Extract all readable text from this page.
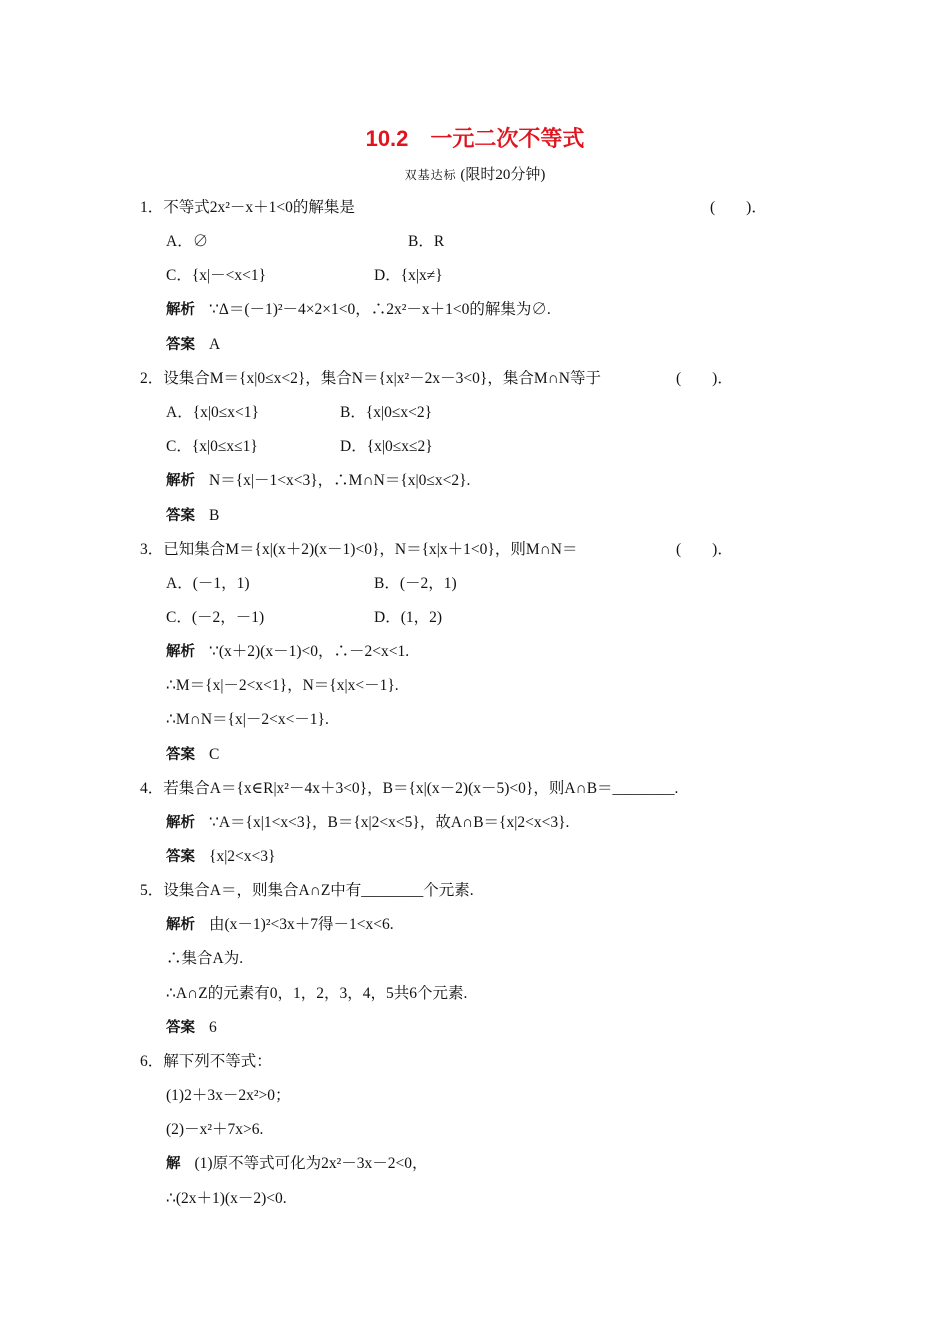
10.2　一元二次不等式
双基达标 (限时20分钟)
1．不等式2x²－x＋1<0的解集是	(　　)．
A．∅	B．R
C．{x|－<x<1}	D．{x|x≠}
解析 ∵Δ＝(－1)²－4×2×1<0，∴2x²－x＋1<0的解集为∅.
答案 A
2．设集合M＝{x|0≤x<2}，集合N＝{x|x²－2x－3<0}，集合M∩N等于	(　　)．
A．{x|0≤x<1}	B．{x|0≤x<2}
C．{x|0≤x≤1}	D．{x|0≤x≤2}
解析 N＝{x|－1<x<3}，∴M∩N＝{x|0≤x<2}.
答案 B
3．已知集合M＝{x|(x＋2)(x－1)<0}，N＝{x|x＋1<0}，则M∩N＝	(　　)．
A．(－1，1)	B．(－2，1)
C．(－2，－1)	D．(1，2)
解析 ∵(x＋2)(x－1)<0，∴－2<x<1.
∴M＝{x|－2<x<1}，N＝{x|x<－1}.
∴M∩N＝{x|－2<x<－1}.
答案 C
4．若集合A＝{x∈R|x²－4x＋3<0}，B＝{x|(x－2)(x－5)<0}，则A∩B＝________.
解析 ∵A＝{x|1<x<3}，B＝{x|2<x<5}，故A∩B＝{x|2<x<3}.
答案 {x|2<x<3}
5．设集合A＝，则集合A∩Z中有________个元素.
解析 由(x－1)²<3x＋7得－1<x<6.
∴集合A为.
∴A∩Z的元素有0，1，2，3，4，5共6个元素.
答案 6
6．解下列不等式：
(1)2＋3x－2x²>0；
(2)－x²＋7x>6.
解 (1)原不等式可化为2x²－3x－2<0，
∴(2x＋1)(x－2)<0.
